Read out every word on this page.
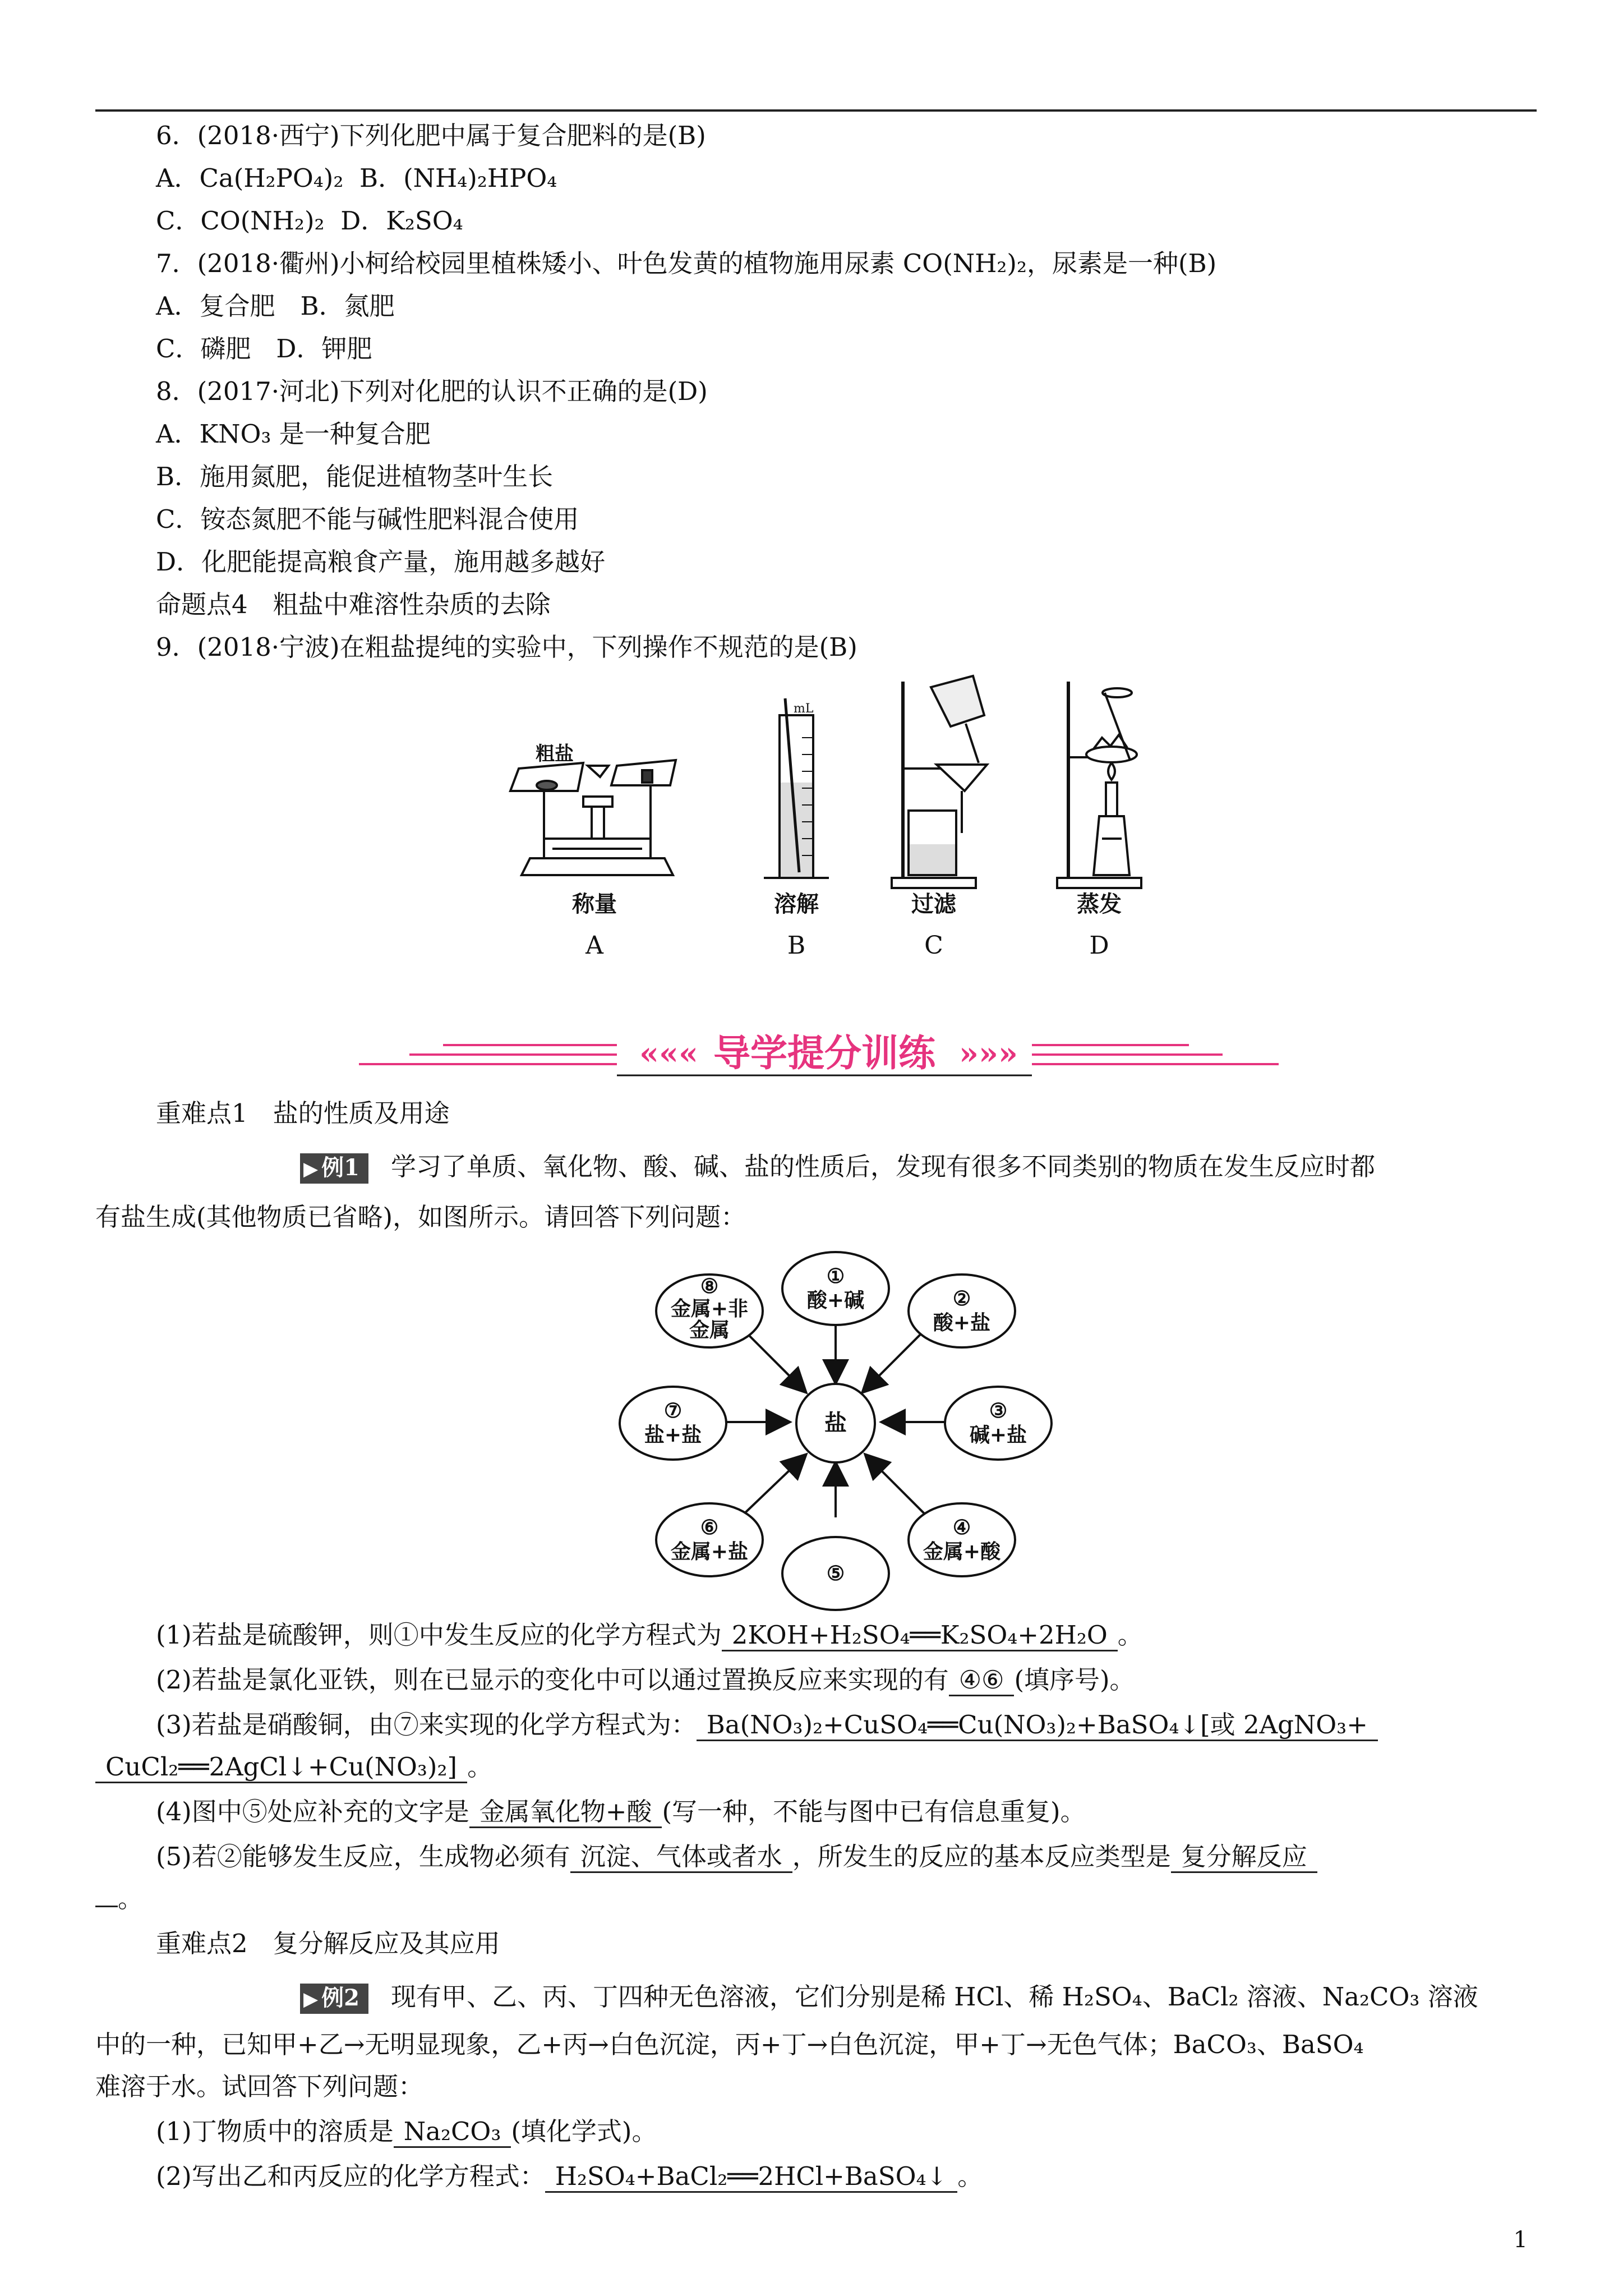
6．(2018·西宁)下列化肥中属于复合肥料的是(B)
A．Ca(H₂PO₄)₂ B．(NH₄)₂HPO₄
C．CO(NH₂)₂ D．K₂SO₄
7．(2018·衢州)小柯给校园里植株矮小、叶色发黄的植物施用尿素 CO(NH₂)₂，尿素是一种(B)
A．复合肥　B．氮肥
C．磷肥　D．钾肥
8．(2017·河北)下列对化肥的认识不正确的是(D)
A．KNO₃ 是一种复合肥
B．施用氮肥，能促进植物茎叶生长
C．铵态氮肥不能与碱性肥料混合使用
D．化肥能提高粮食产量，施用越多越好
命题点4　粗盐中难溶性杂质的去除
9．(2018·宁波)在粗盐提纯的实验中，下列操作不规范的是(B)
粗盐
mL
称量	溶解	过滤	蒸发
A	B	C	D
««« 导学提分训练 »»»
重难点1　盐的性质及用途
▶ 例1 学习了单质、氧化物、酸、碱、盐的性质后，发现有很多不同类别的物质在发生反应时都
有盐生成(其他物质已省略)，如图所示。请回答下列问题：
盐
①
酸+碱	②
酸+盐
③
碱+盐
④
金属+酸
⑤
⑥
金属+盐
⑦
盐+盐
⑧
金属+非
金属
(1)若盐是硫酸钾，则①中发生反应的化学方程式为 2KOH+H₂SO₄══K₂SO₄+2H₂O 。
(2)若盐是氯化亚铁，则在已显示的变化中可以通过置换反应来实现的有 ④⑥ (填序号)。
(3)若盐是硝酸铜，由⑦来实现的化学方程式为： Ba(NO₃)₂+CuSO₄══Cu(NO₃)₂+BaSO₄↓[或 2AgNO₃+
CuCl₂══2AgCl↓+Cu(NO₃)₂] 。
(4)图中⑤处应补充的文字是 金属氧化物+酸 (写一种，不能与图中已有信息重复)。
(5)若②能够发生反应，生成物必须有 沉淀、气体或者水 ，所发生的反应的基本反应类型是 复分解反应
。
重难点2　复分解反应及其应用
▶ 例2 现有甲、乙、丙、丁四种无色溶液，它们分别是稀 HCl、稀 H₂SO₄、BaCl₂ 溶液、Na₂CO₃ 溶液
中的一种，已知甲+乙→无明显现象，乙+丙→白色沉淀，丙+丁→白色沉淀，甲+丁→无色气体；BaCO₃、BaSO₄
难溶于水。试回答下列问题：
(1)丁物质中的溶质是 Na₂CO₃ (填化学式)。
(2)写出乙和丙反应的化学方程式： H₂SO₄+BaCl₂══2HCl+BaSO₄↓ 。
1
